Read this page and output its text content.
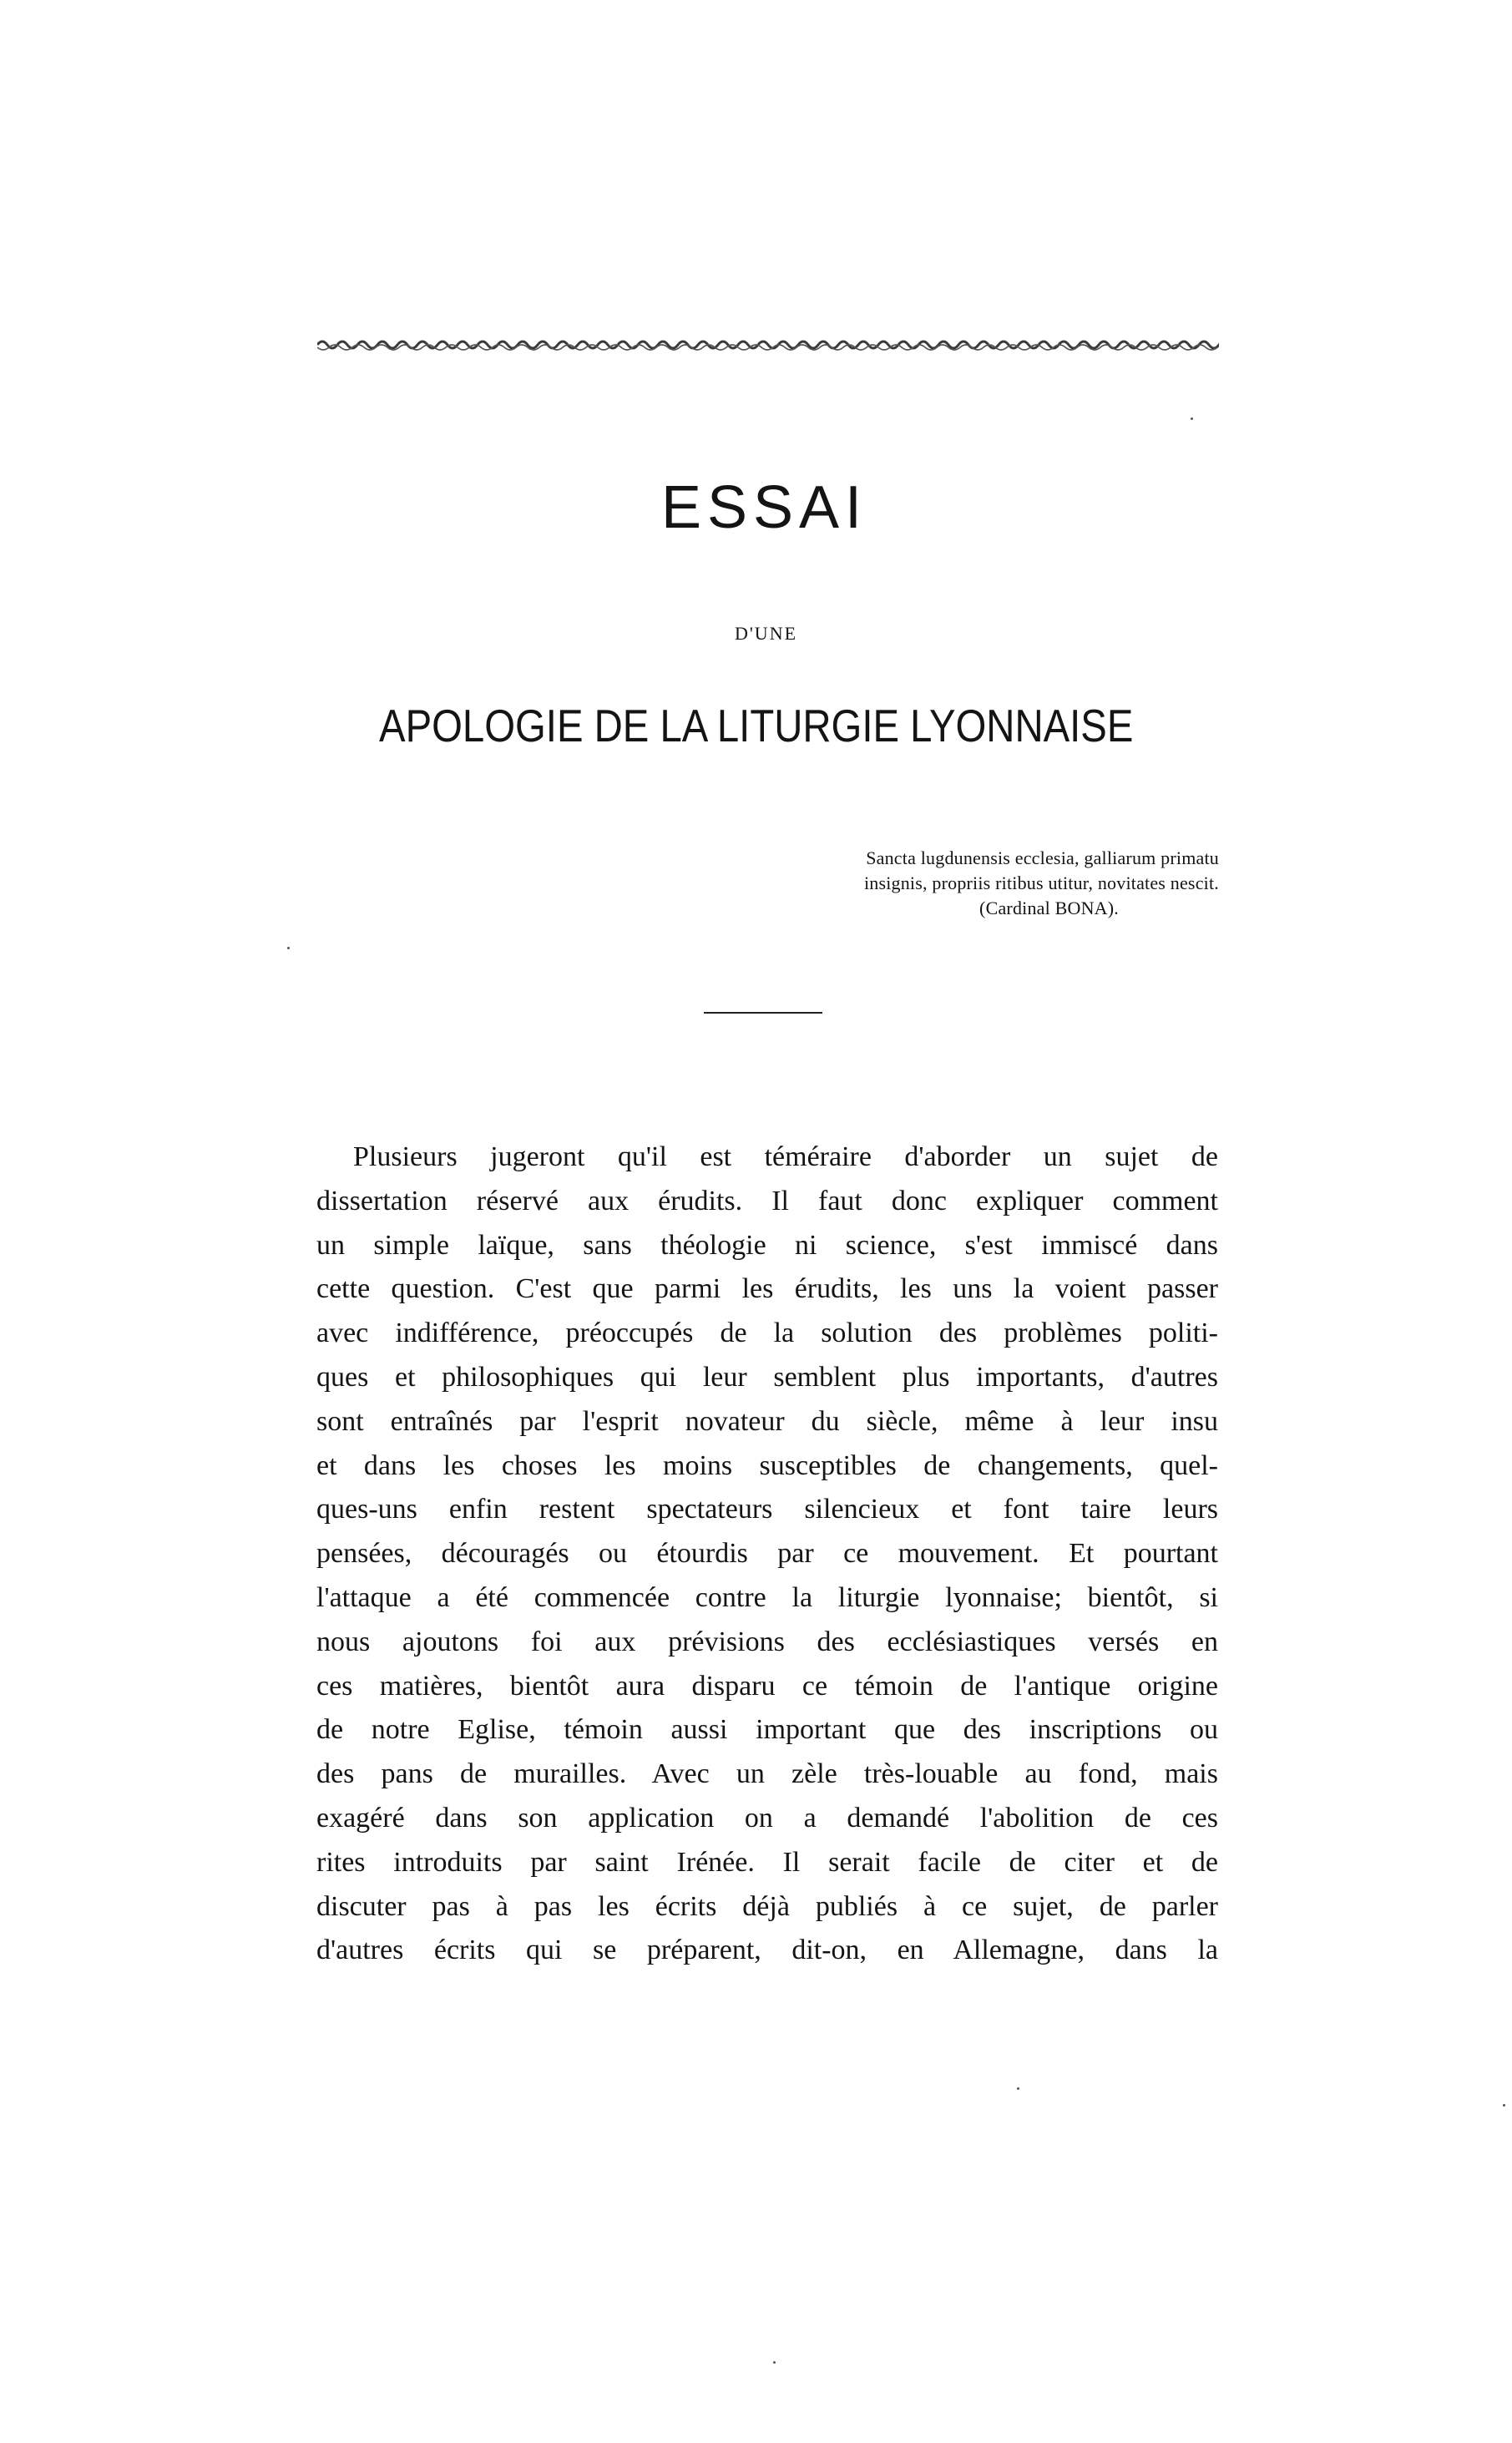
ESSAI
D'UNE
APOLOGIE DE LA LITURGIE LYONNAISE
Sancta lugdunensis ecclesia, galliarum primatu
insignis, propriis ritibus utitur, novitates nescit.
(Cardinal BONA).
Plusieurs jugeront qu'il est téméraire d'aborder un sujet de
dissertation réservé aux érudits. Il faut donc expliquer comment
un simple laïque, sans théologie ni science, s'est immiscé dans
cette question. C'est que parmi les érudits, les uns la voient passer
avec indifférence, préoccupés de la solution des problèmes politi-
ques et philosophiques qui leur semblent plus importants, d'autres
sont entraînés par l'esprit novateur du siècle, même à leur insu
et dans les choses les moins susceptibles de changements, quel-
ques-uns enfin restent spectateurs silencieux et font taire leurs
pensées, découragés ou étourdis par ce mouvement. Et pourtant
l'attaque a été commencée contre la liturgie lyonnaise; bientôt, si
nous ajoutons foi aux prévisions des ecclésiastiques versés en
ces matières, bientôt aura disparu ce témoin de l'antique origine
de notre Eglise, témoin aussi important que des inscriptions ou
des pans de murailles. Avec un zèle très-louable au fond, mais
exagéré dans son application on a demandé l'abolition de ces
rites introduits par saint Irénée. Il serait facile de citer et de
discuter pas à pas les écrits déjà publiés à ce sujet, de parler
d'autres écrits qui se préparent, dit-on, en Allemagne, dans la
